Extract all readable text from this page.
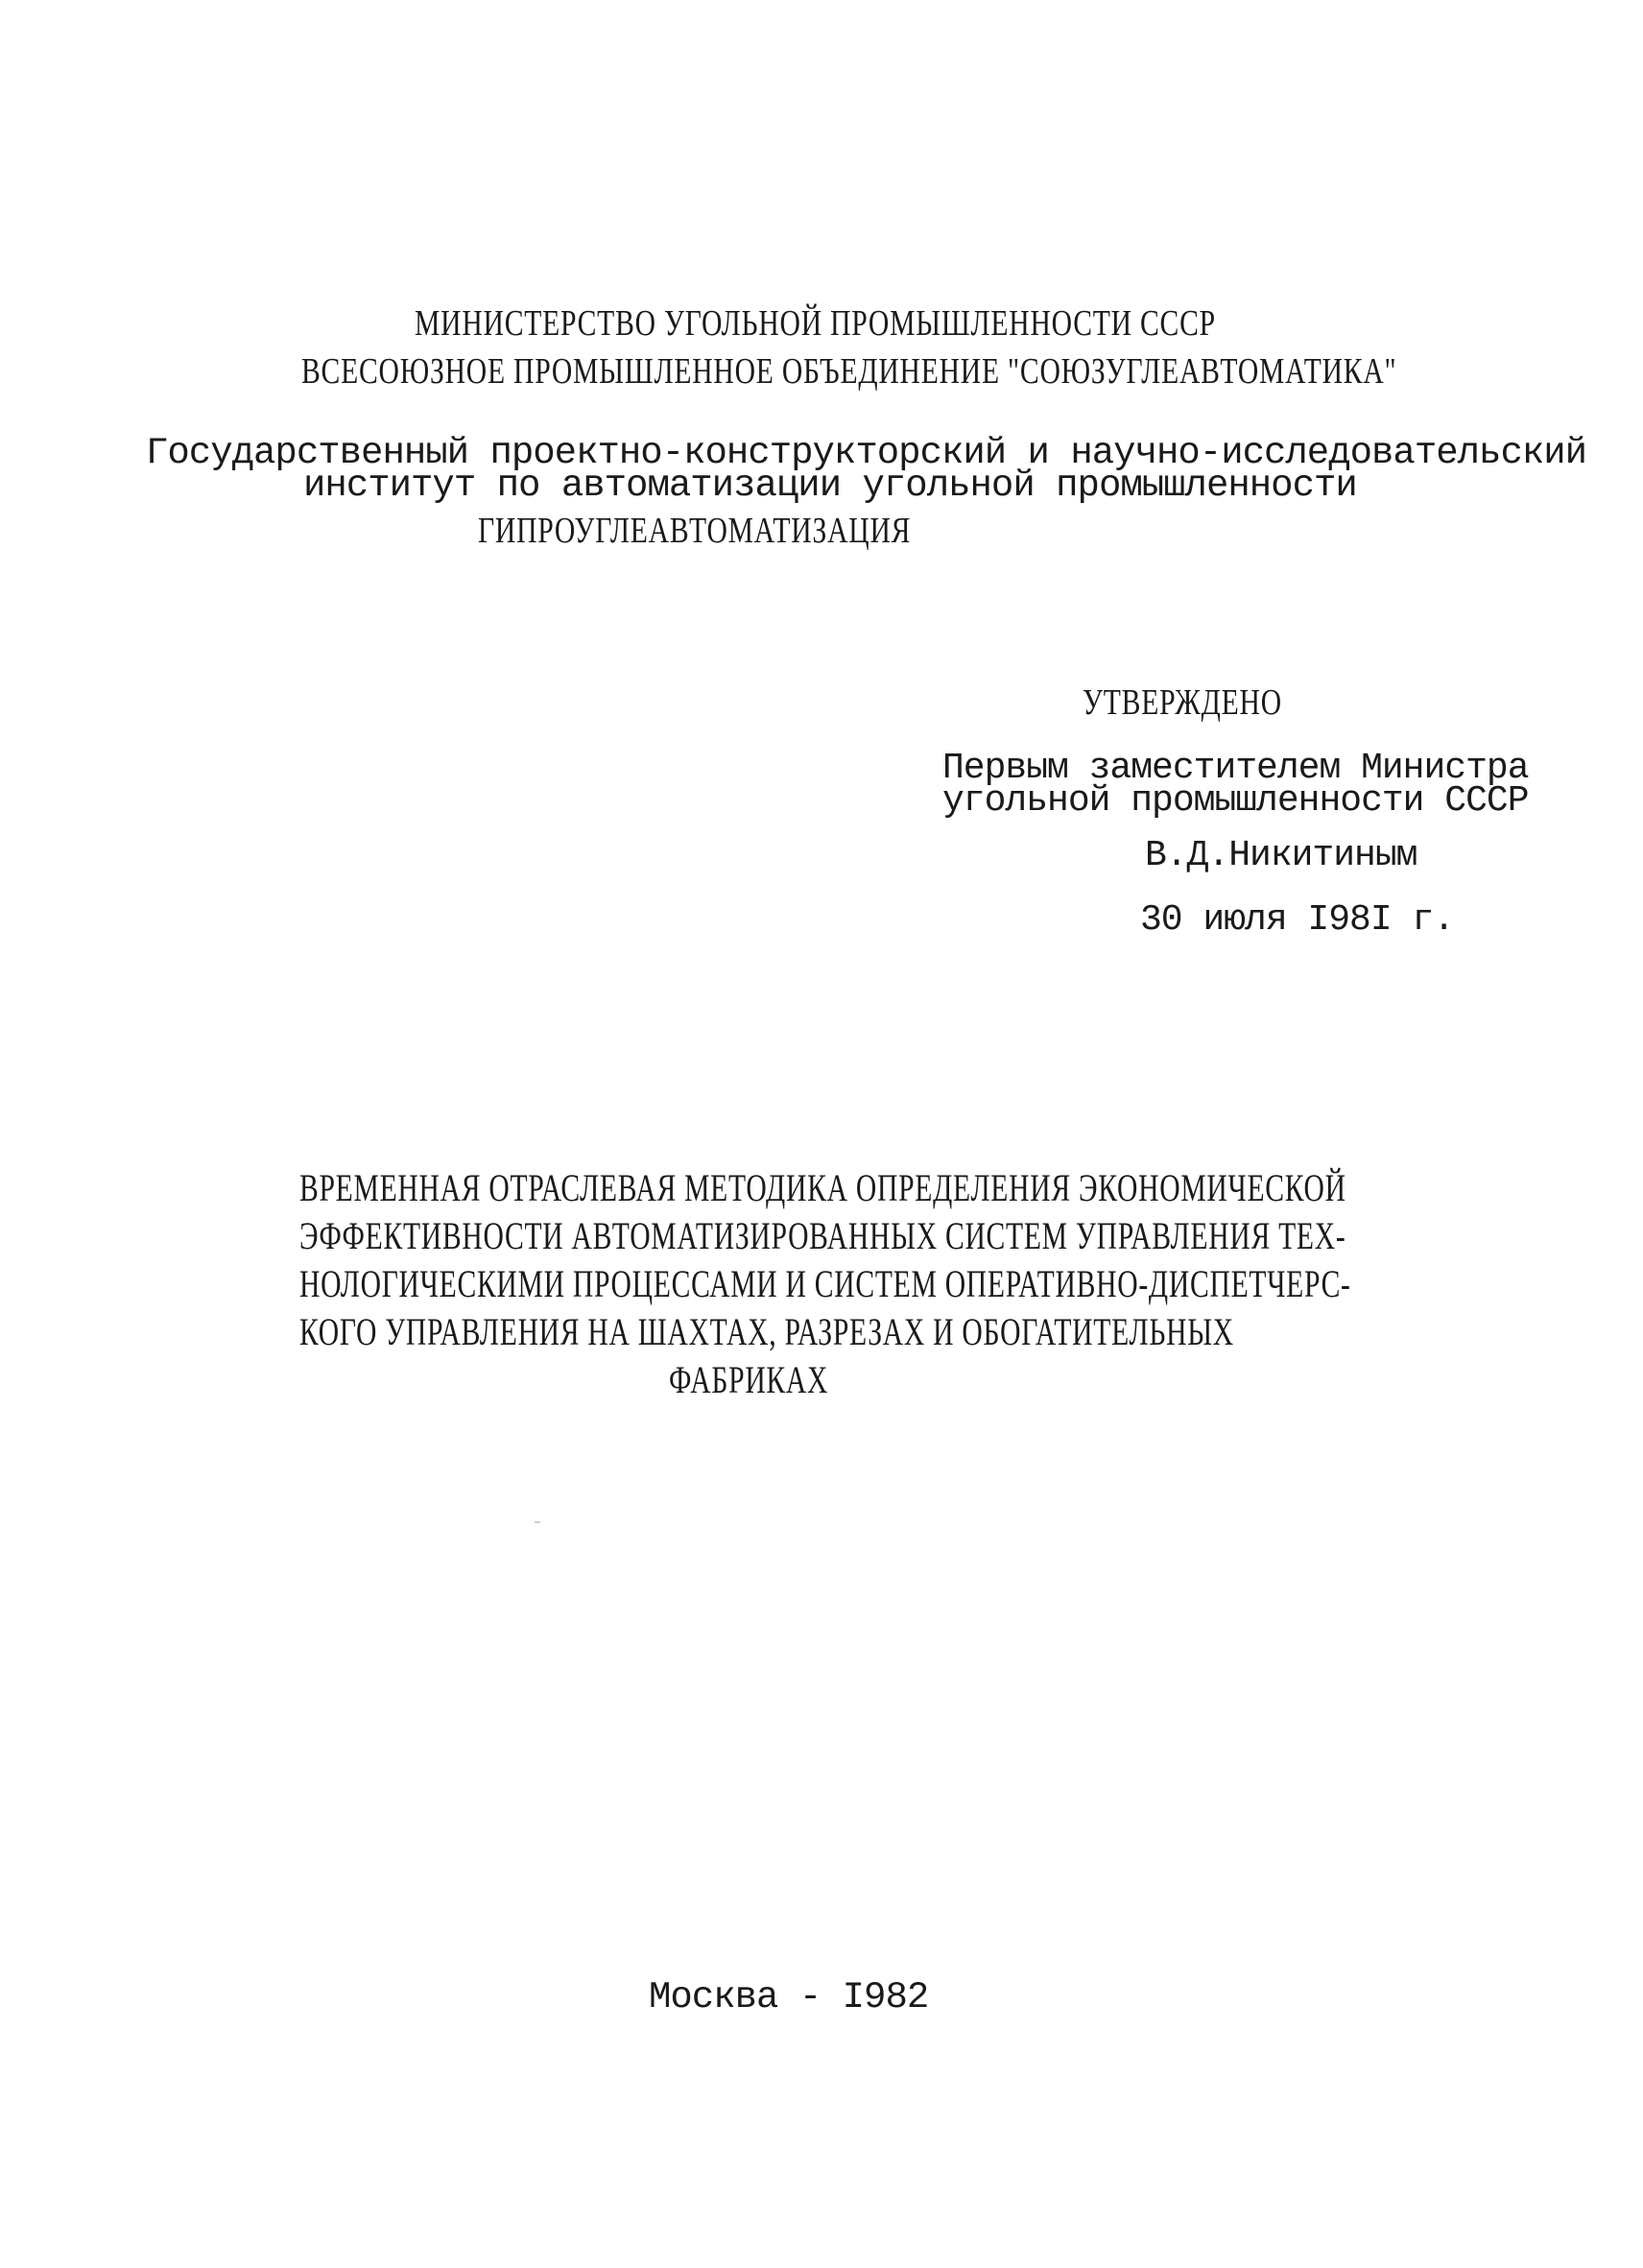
МИНИСТЕРСТВО УГОЛЬНОЙ ПРОМЫШЛЕННОСТИ СССР
ВСЕСОЮЗНОЕ ПРОМЫШЛЕННОЕ ОБЪЕДИНЕНИЕ "СОЮЗУГЛЕАВТОМАТИКА"
Государственный проектно-конструкторский и научно-исследовательский
институт по автоматизации угольной промышленности
ГИПРОУГЛЕАВТОМАТИЗАЦИЯ
УТВЕРЖДЕНО
Первым заместителем Министра
угольной промышленности СССР
В.Д.Никитиным
30 июля I98I г.
ВРЕМЕННАЯ ОТРАСЛЕВАЯ МЕТОДИКА ОПРЕДЕЛЕНИЯ ЭКОНОМИЧЕСКОЙ
ЭФФЕКТИВНОСТИ АВТОМАТИЗИРОВАННЫХ СИСТЕМ УПРАВЛЕНИЯ ТЕХ-
НОЛОГИЧЕСКИМИ ПРОЦЕССАМИ И СИСТЕМ ОПЕРАТИВНО-ДИСПЕТЧЕРС-
КОГО УПРАВЛЕНИЯ НА ШАХТАХ, РАЗРЕЗАХ И ОБОГАТИТЕЛЬНЫХ
ФАБРИКАХ
Москва - I982
